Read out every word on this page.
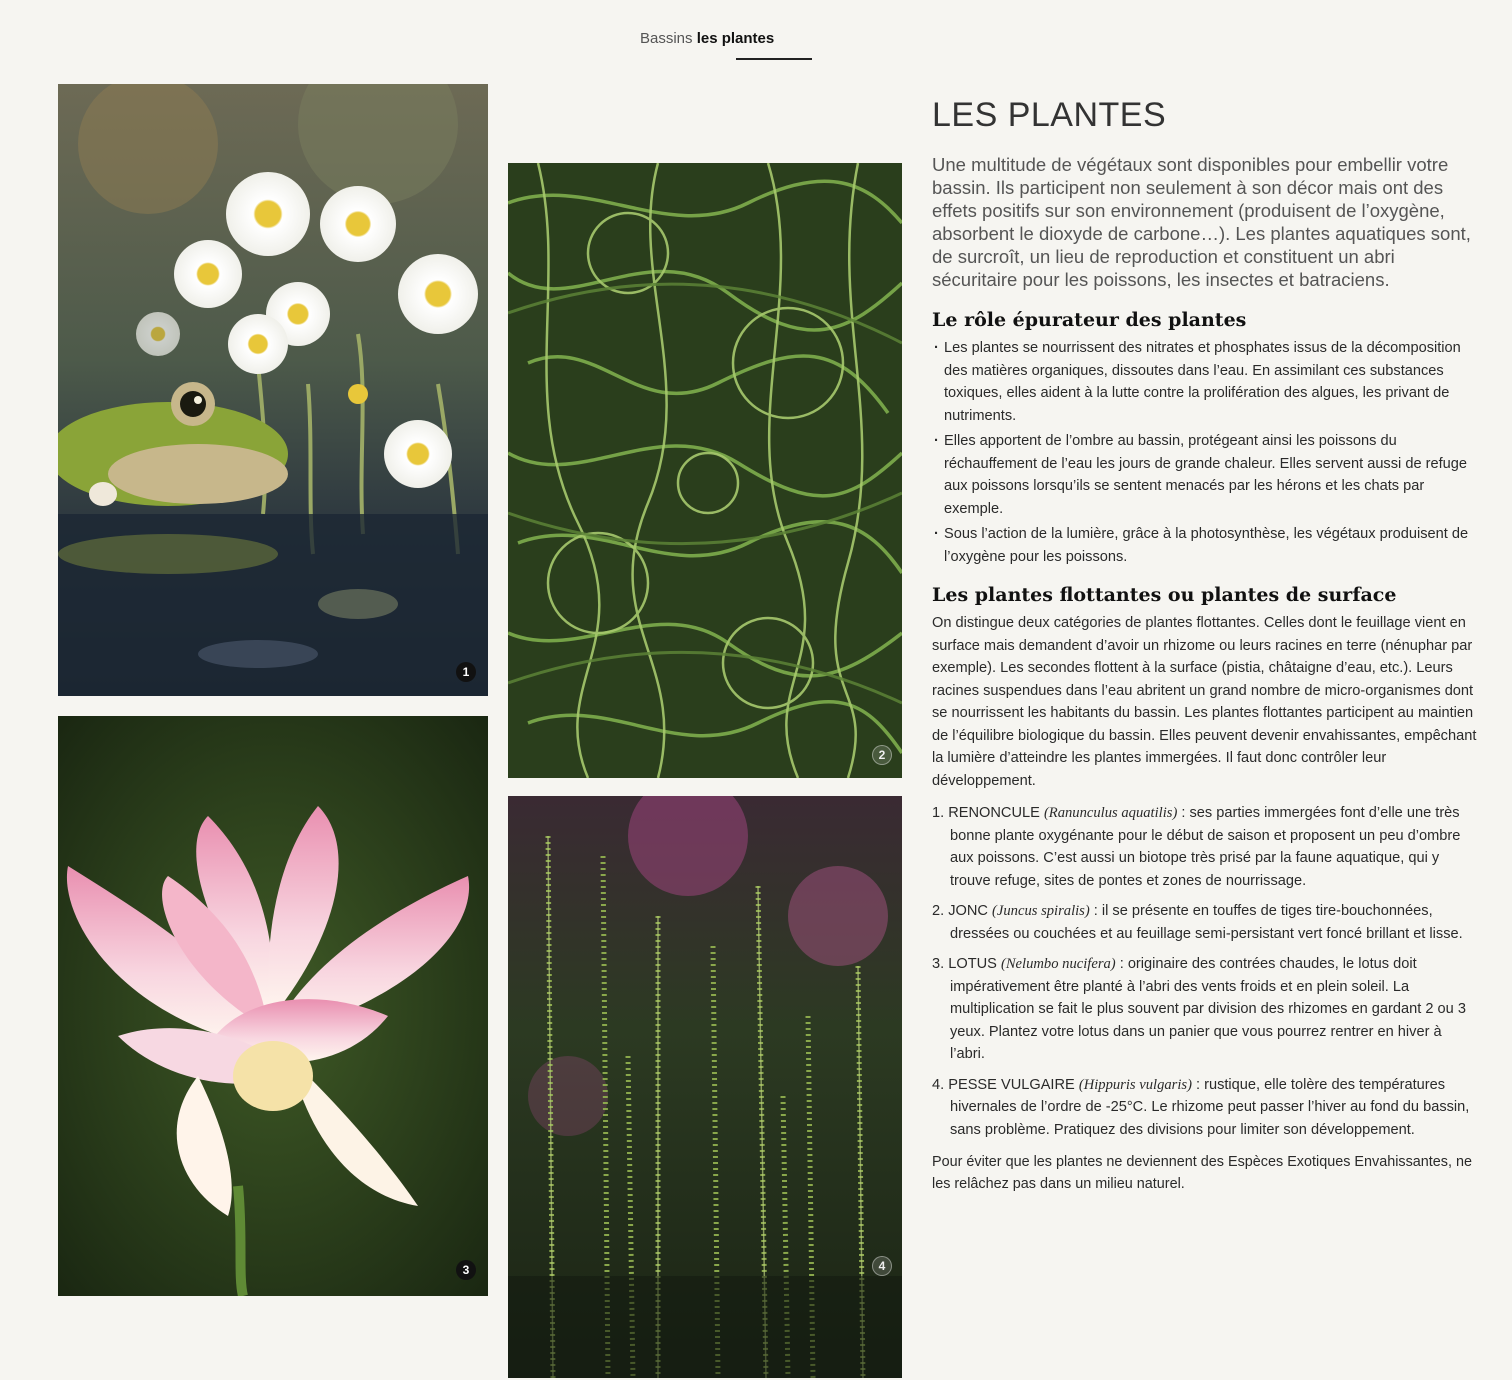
Bassins les plantes
1
2
3	4
LES PLANTES

Une multitude de végétaux sont disponibles pour embellir votre bassin. Ils participent non seulement à son décor mais ont des effets positifs sur son environnement (produisent de l’oxygène, absorbent le dioxyde de carbone…). Les plantes aquatiques sont, de surcroît, un lieu de reproduction et constituent un abri sécuritaire pour les poissons, les insectes et batraciens.

Le rôle épurateur des plantes
· Les plantes se nourrissent des nitrates et phosphates issus de la décomposition des matières organiques, dissoutes dans l’eau. En assimilant ces substances toxiques, elles aident à la lutte contre la prolifération des algues, les privant de nutriments.
· Elles apportent de l’ombre au bassin, protégeant ainsi les poissons du réchauffement de l’eau les jours de grande chaleur. Elles servent aussi de refuge aux poissons lorsqu’ils se sentent menacés par les hérons et les chats par exemple.
· Sous l’action de la lumière, grâce à la photosynthèse, les végétaux produisent de l’oxygène pour les poissons.
Les plantes flottantes ou plantes de surface

On distingue deux catégories de plantes flottantes. Celles dont le feuillage vient en surface mais demandent d’avoir un rhizome ou leurs racines en terre (nénuphar par exemple). Les secondes flottent à la surface (pistia, châtaigne d’eau, etc.). Leurs racines suspendues dans l’eau abritent un grand nombre de micro-organismes dont se nourrissent les habitants du bassin. Les plantes flottantes participent au maintien de l’équilibre biologique du bassin. Elles peuvent devenir envahissantes, empêchant la lumière d’atteindre les plantes immergées. Il faut donc contrôler leur développement.

1. RENONCULE (Ranunculus aquatilis) : ses parties immergées font d’elle une très bonne plante oxygénante pour le début de saison et proposent un peu d’ombre aux poissons. C’est aussi un biotope très prisé par la faune aquatique, qui y trouve refuge, sites de pontes et zones de nourrissage.
2. JONC (Juncus spiralis) : il se présente en touffes de tiges tire-bouchonnées, dressées ou couchées et au feuillage semi-persistant vert foncé brillant et lisse.
3. LOTUS (Nelumbo nucifera) : originaire des contrées chaudes, le lotus doit impérativement être planté à l’abri des vents froids et en plein soleil. La multiplication se fait le plus souvent par division des rhizomes en gardant 2 ou 3 yeux. Plantez votre lotus dans un panier que vous pourrez rentrer en hiver à l’abri.
4. PESSE VULGAIRE (Hippuris vulgaris) : rustique, elle tolère des températures hivernales de l’ordre de -25°C. Le rhizome peut passer l’hiver au fond du bassin, sans problème. Pratiquez des divisions pour limiter son développement.

Pour éviter que les plantes ne deviennent des Espèces Exotiques Envahissantes, ne les relâchez pas dans un milieu naturel.
